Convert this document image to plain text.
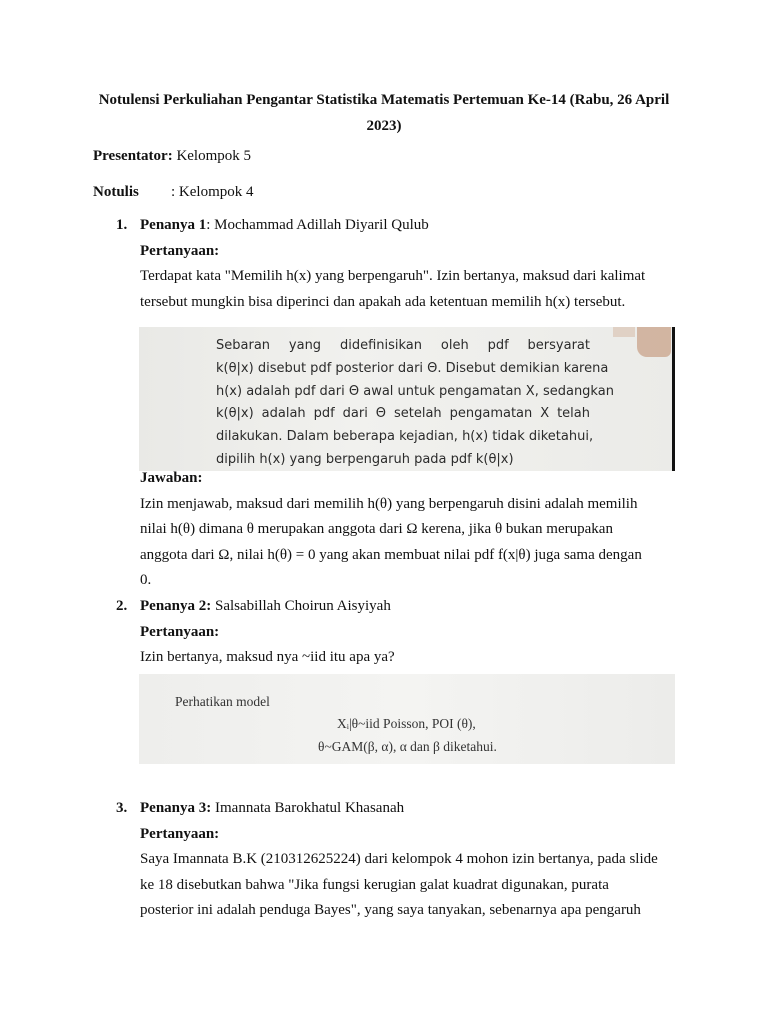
Notulensi Perkuliahan Pengantar Statistika Matematis Pertemuan Ke-14 (Rabu, 26 April 2023)
Presentator: Kelompok 5
Notulis : Kelompok 4
1. Penanya 1: Mochammad Adillah Diyaril Qulub
Pertanyaan:
Terdapat kata "Memilih h(x) yang berpengaruh". Izin bertanya, maksud dari kalimat
tersebut mungkin bisa diperinci dan apakah ada ketentuan memilih h(x) tersebut.
Sebaran yang didefinisikan oleh pdf bersyarat
k(θ|x) disebut pdf posterior dari Θ. Disebut demikian karena
h(x) adalah pdf dari Θ awal untuk pengamatan X, sedangkan
k(θ|x) adalah pdf dari Θ setelah pengamatan X telah
dilakukan. Dalam beberapa kejadian, h(x) tidak diketahui,
dipilih h(x) yang berpengaruh pada pdf k(θ|x)
Jawaban:
Izin menjawab, maksud dari memilih h(θ) yang berpengaruh disini adalah memilih
nilai h(θ) dimana θ merupakan anggota dari Ω kerena, jika θ bukan merupakan
anggota dari Ω, nilai h(θ) = 0 yang akan membuat nilai pdf f(x|θ) juga sama dengan
0.
2. Penanya 2: Salsabillah Choirun Aisyiyah
Pertanyaan:
Izin bertanya, maksud nya ~iid itu apa ya?
Perhatikan model
Xᵢ|θ~iid Poisson, POI (θ),
θ~GAM(β, α), α dan β diketahui.
3. Penanya 3: Imannata Barokhatul Khasanah
Pertanyaan:
Saya Imannata B.K (210312625224) dari kelompok 4 mohon izin bertanya, pada slide
ke 18 disebutkan bahwa "Jika fungsi kerugian galat kuadrat digunakan, purata
posterior ini adalah penduga Bayes", yang saya tanyakan, sebenarnya apa pengaruh
